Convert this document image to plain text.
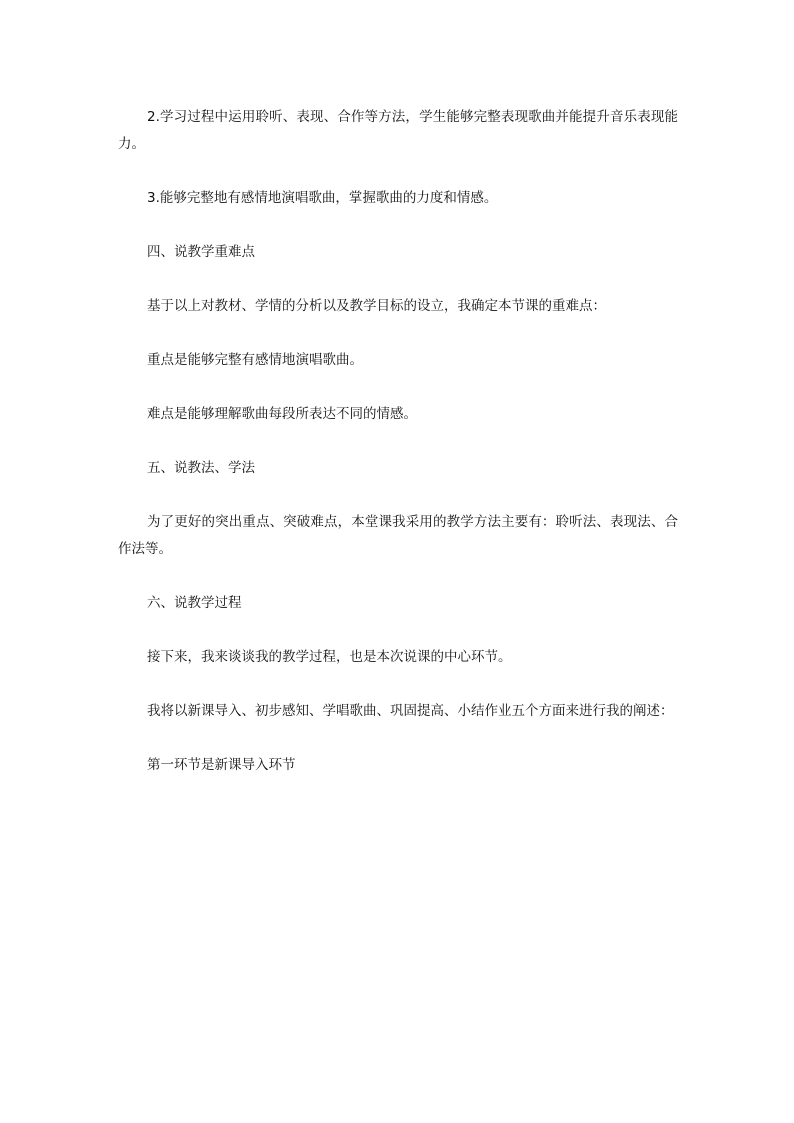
2.学习过程中运用聆听、表现、合作等方法，学生能够完整表现歌曲并能提升音乐表现能力。

3.能够完整地有感情地演唱歌曲，掌握歌曲的力度和情感。

四、说教学重难点

基于以上对教材、学情的分析以及教学目标的设立，我确定本节课的重难点：

重点是能够完整有感情地演唱歌曲。

难点是能够理解歌曲每段所表达不同的情感。

五、说教法、学法

为了更好的突出重点、突破难点，本堂课我采用的教学方法主要有：聆听法、表现法、合作法等。

六、说教学过程

接下来，我来谈谈我的教学过程，也是本次说课的中心环节。

我将以新课导入、初步感知、学唱歌曲、巩固提高、小结作业五个方面来进行我的阐述：

第一环节是新课导入环节
